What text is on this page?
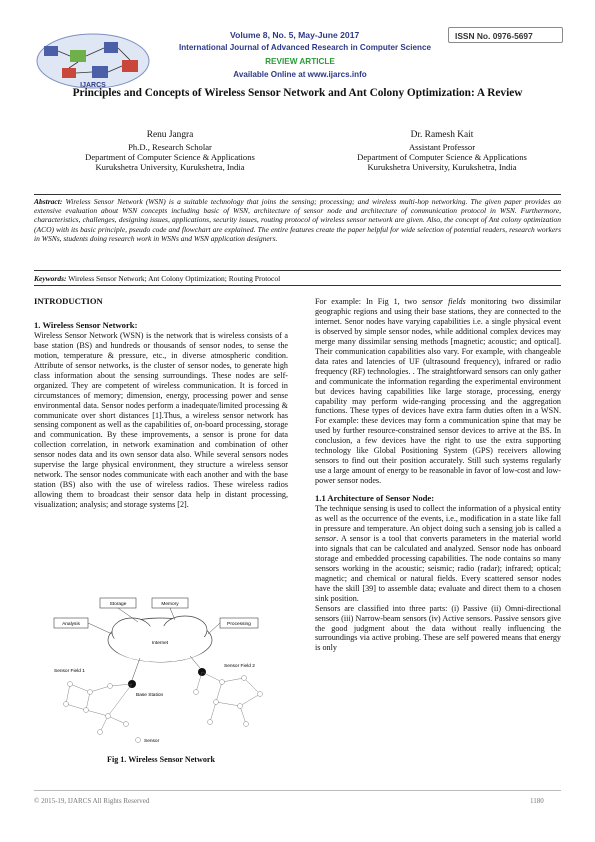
IJARCS
Volume 8, No. 5, May-June 2017	ISSN No. 0976-5697
International Journal of Advanced Research in Computer Science
REVIEW ARTICLE
Available Online at www.ijarcs.info
Principles and Concepts of Wireless Sensor Network and Ant Colony Optimization: A Review
Renu Jangra
Ph.D., Research Scholar
Department of Computer Science & Applications
Kurukshetra University, Kurukshetra, India
Dr. Ramesh Kait
Assistant Professor
Department of Computer Science & Applications
Kurukshetra University, Kurukshetra, India
Abstract: Wireless Sensor Network (WSN) is a suitable technology that joins the sensing; processing; and wireless multi-hop networking. The given paper provides an extensive evaluation about WSN concepts including basic of WSN, architecture of sensor node and architecture of communication protocol in WSN. Furthermore, characteristics, challenges, designing issues, applications, security issues, routing protocol of wireless sensor network are given. Also, the concept of Ant colony optimization (ACO) with its basic principle, pseudo code and flowchart are explained. The entire features create the paper helpful for wide selection of potential readers, research workers in WSNs, students doing research work in WSNs and WSN application designers.
Keywords: Wireless Sensor Network; Ant Colony Optimization; Routing Protocol

INTRODUCTION

1. Wireless Sensor Network:

Wireless Sensor Network (WSN) is the network that is wireless consists of a base station (BS) and hundreds or thousands of sensor nodes, to sense the motion, temperature & pressure, etc., in diverse atmospheric condition. Attribute of sensor networks, is the cluster of sensor nodes, to generate high class information about the sensing surroundings. These nodes are self-organized. They are competent of wireless communication. It is forced in circumstances of memory; dimension, energy, processing power and sense environmental data. Sensor nodes perform a inadequate/limited processing & communicate over short distances [1].Thus, a wireless sensor network has sensing component as well as the capabilities of, on-board processing, storage and communication. By these improvements, a sensor is prone for data collection correlation, in network examination and combination of other sensor nodes data and its own sensor data also. While several sensors nodes supervise the large physical environment, they structure a wireless sensor network. The sensor nodes communicate with each another and with the base station (BS) also with the use of wireless radios. These wireless radios allowing them to broadcast their sensor data help in distant processing, visualization; analysis; and storage systems [2].

Internet
Storage	Memory
Analysis	Processing
Base Station
Sensor Field 1
Sensor Field 2
Sensor
Fig 1. Wireless Sensor Network

For example: In Fig 1, two sensor fields monitoring two dissimilar geographic regions and using their base stations, they are connected to the internet. Senor nodes have varying capabilities i.e. a single physical event is observed by simple sensor nodes, while additional complex devices may merge many dissimilar sensing methods [magnetic; acoustic; and optical]. Their communication capabilities also vary. For example, with changeable data rates and latencies of UF (ultrasound frequency), infrared or radio frequency (RF) technologies. . The straightforward sensors can only gather and communicate the information regarding the experimental environment but devices having capabilities like large storage, processing, energy capability may perform wide-ranging processing and the aggregation functions. These types of devices have extra farm duties often in a WSN. For example: these devices may form a communication spine that may be used by further resource-constrained sensor devices to arrive at the BS. In conclusion, a few devices have the right to use the extra supporting technology like Global Positioning System (GPS) receivers allowing sensors to find out their position accurately. Still such systems regularly use a large amount of energy to be reasonable in favor of low-cost and low-power sensor nodes.

1.1 Architecture of Sensor Node:

The technique sensing is used to collect the information of a physical entity as well as the occurrence of the events, i.e., modification in a state like fall in pressure and temperature. An object doing such a sensing job is called a sensor. A sensor is a tool that converts parameters in the material world into signals that can be calculated and analyzed. Sensor node has onboard storage and embedded processing capabilities. The node contains so many sensors working in the acoustic; seismic; radio (radar); infrared; optical; magnetic; and chemical or natural fields. Every scattered sensor nodes have the skill [39] to assemble data; evaluate and direct them to a chosen sink position.

Sensors are classified into three parts: (i) Passive (ii) Omni-directional sensors (iii) Narrow-beam sensors (iv) Active sensors. Passive sensors give the good judgment about the data without really influencing the surroundings via active probing. These are self powered means that energy is only

© 2015-19, IJARCS All Rights Reserved	1180
